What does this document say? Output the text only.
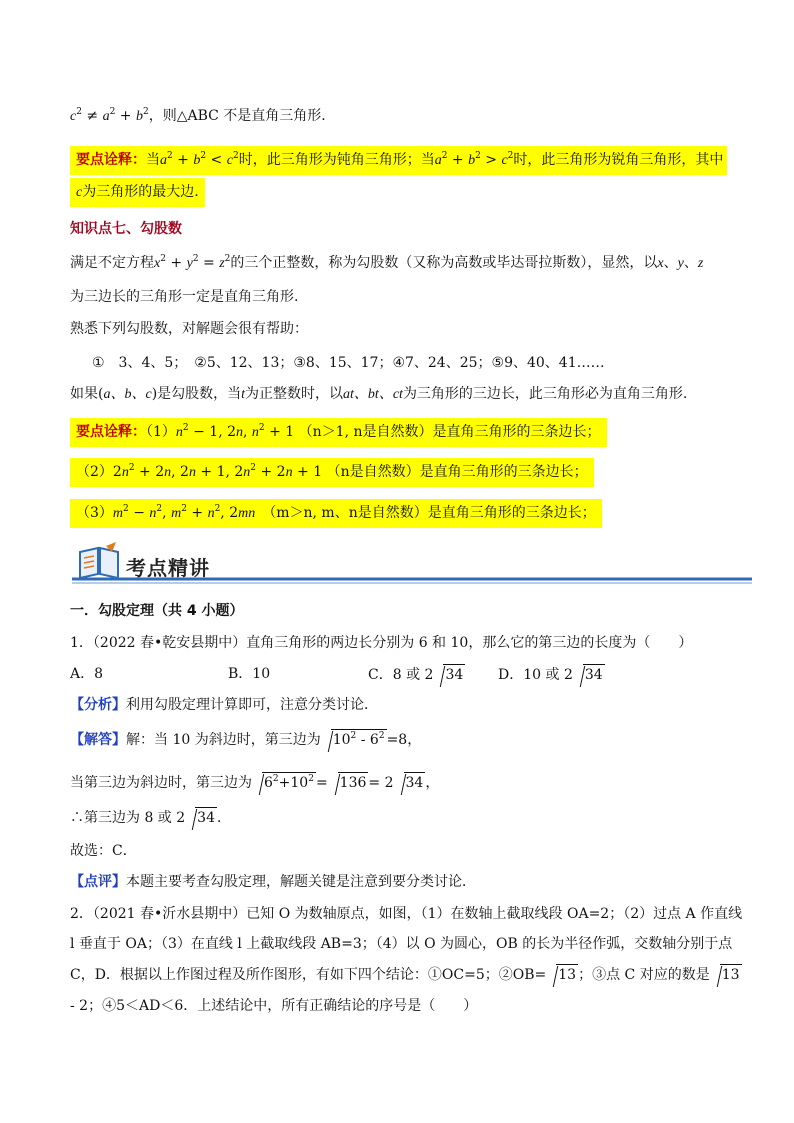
$c^2 \ne a^2 + b^2$，则△ABC 不是直角三角形.
要点诠释：当$a^2 + b^2 < c^2$时，此三角形为钝角三角形；当$a^2 + b^2 > c^2$时，此三角形为锐角三角形，其中
c为三角形的最大边.
知识点七、勾股数
满足不定方程$x^2 + y^2 = z^2$的三个正整数，称为勾股数（又称为高数或毕达哥拉斯数），显然，以x、y、z
为三边长的三角形一定是直角三角形.
熟悉下列勾股数，对解题会很有帮助：
①　3、4、5；　②5、12、13；③8、15、17；④7、24、25；⑤9、40、41……
如果(a、b、c)是勾股数，当t为正整数时，以at、bt、ct为三角形的三边长，此三角形必为直角三角形.
要点诠释：$(1)n^2 - 1$, 2n, $n^2 + 1$ （n＞1, n是自然数）是直角三角形的三条边长；
$(2)2n^2 + 2n$, 2n + 1, $2n^2 + 2n + 1$ （n是自然数）是直角三角形的三条边长；
$(3)m^2 - n^2$, $m^2 + n^2$, 2mn　 （m＞n, m、n是自然数）是直角三角形的三条边长；
考点精讲
一．勾股定理（共 4 小题）
1．（2022 春•乾安县期中）直角三角形的两边长分别为 6 和 10，那么它的第三边的长度为（　　）
A．8	B．10	C．8 或 2 34 D．10 或 2 34
【分析】利用勾股定理计算即可，注意分类讨论．
【解答】解：当 10 为斜边时，第三边为 $10^2 - 6^2 =8$，
当第三边为斜边时，第三边为 $6^2+10^2 = 136 = 2$ 34 ，
∴第三边为 8 或 2 34 ．
故选：C．
【点评】本题主要考查勾股定理，解题关键是注意到要分类讨论．
2．（2021 春•沂水县期中）已知 O 为数轴原点，如图，（1）在数轴上截取线段 OA=2；（2）过点 A 作直线
l 垂直于 OA；（3）在直线 l 上截取线段 AB=3；（4）以 O 为圆心，OB 的长为半径作弧，交数轴分别于点
C，D．根据以上作图过程及所作图形，有如下四个结论：①OC=5；②OB= 13 ；③点 C 对应的数是 13
- 2；④5＜AD＜6．上述结论中，所有正确结论的序号是（　　）
